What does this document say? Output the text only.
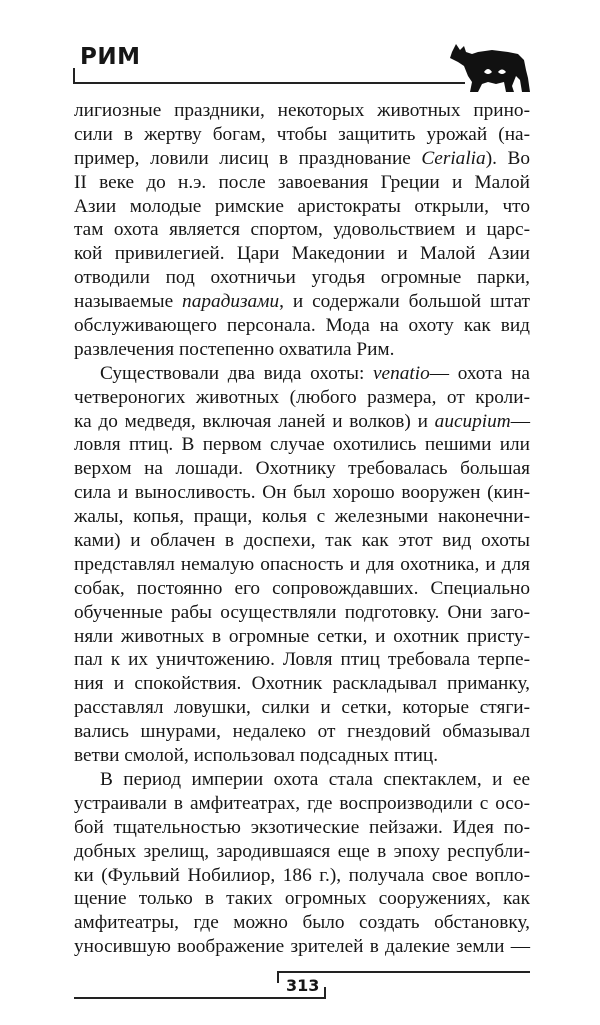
РИМ
лигиозные праздники, некоторых животных прино-
сили в жертву богам, чтобы защитить урожай (на-
пример, ловили лисиц в празднование Cerialia). Во
II веке до н.э. после завоевания Греции и Малой
Азии молодые римские аристократы открыли, что
там охота является спортом, удовольствием и царс-
кой привилегией. Цари Македонии и Малой Азии
отводили под охотничьи угодья огромные парки,
называемые парадизами, и содержали большой штат
обслуживающего персонала. Мода на охоту как вид
развлечения постепенно охватила Рим.
Существовали два вида охоты: venatio— охота на
четвероногих животных (любого размера, от кроли-
ка до медведя, включая ланей и волков) и aucupium—
ловля птиц. В первом случае охотились пешими или
верхом на лошади. Охотнику требовалась большая
сила и выносливость. Он был хорошо вооружен (кин-
жалы, копья, пращи, колья с железными наконечни-
ками) и облачен в доспехи, так как этот вид охоты
представлял немалую опасность и для охотника, и для
собак, постоянно его сопровождавших. Специально
обученные рабы осуществляли подготовку. Они заго-
няли животных в огромные сетки, и охотник присту-
пал к их уничтожению. Ловля птиц требовала терпе-
ния и спокойствия. Охотник раскладывал приманку,
расставлял ловушки, силки и сетки, которые стяги-
вались шнурами, недалеко от гнездовий обмазывал
ветви смолой, использовал подсадных птиц.
В период империи охота стала спектаклем, и ее
устраивали в амфитеатрах, где воспроизводили с осо-
бой тщательностью экзотические пейзажи. Идея по-
добных зрелищ, зародившаяся еще в эпоху республи-
ки (Фульвий Нобилиор, 186 г.), получала свое вопло-
щение только в таких огромных сооружениях, как
амфитеатры, где можно было создать обстановку,
уносившую воображение зрителей в далекие земли —
313
